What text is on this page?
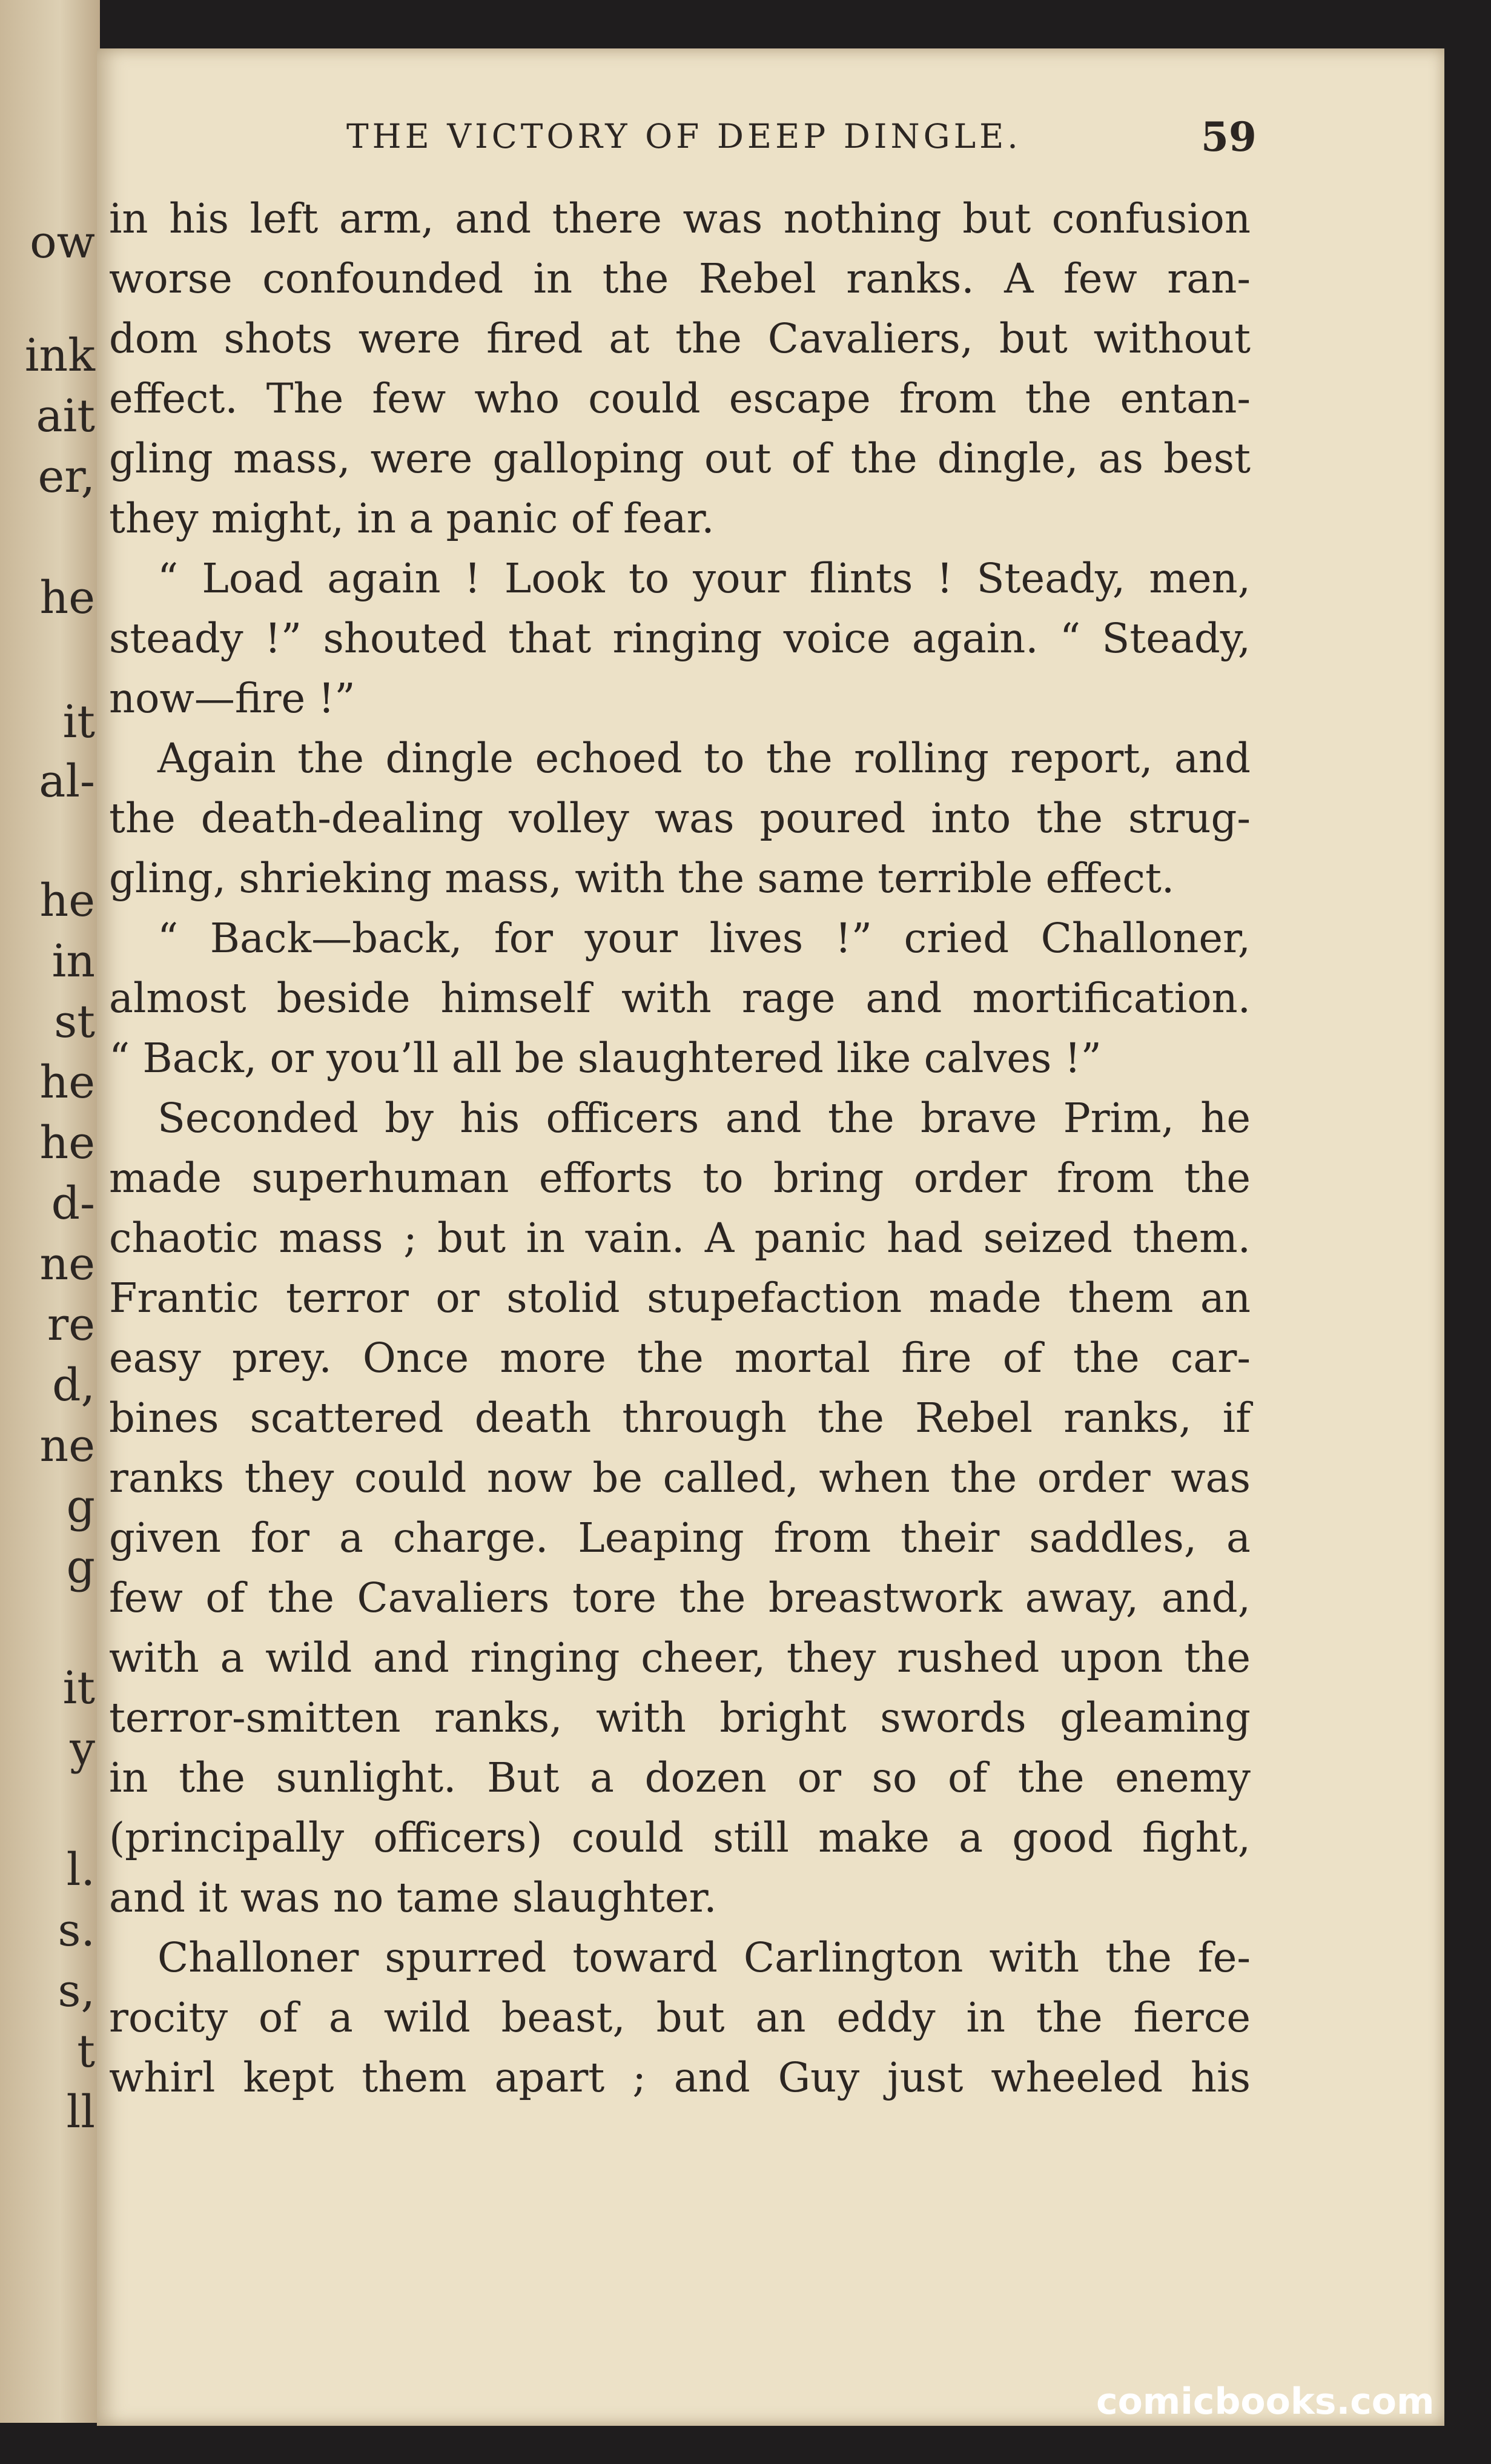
ow
ink
ait
er,
he
it
al-
he
in
st
he
he
d-
ne
re
d,
ne
g
g
it
y
l.
s.
s,
t
ll
THE VICTORY OF DEEP DINGLE.	59
in his left arm, and there was nothing but confusion
worse confounded in the Rebel ranks. A few ran-
dom shots were fired at the Cavaliers, but without
effect. The few who could escape from the entan-
gling mass, were galloping out of the dingle, as best
they might, in a panic of fear.
“ Load again ! Look to your flints ! Steady, men,
steady !” shouted that ringing voice again. “ Steady,
now—fire !”
Again the dingle echoed to the rolling report, and
the death-dealing volley was poured into the strug-
gling, shrieking mass, with the same terrible effect.
“ Back—back, for your lives !” cried Challoner,
almost beside himself with rage and mortification.
“ Back, or you’ll all be slaughtered like calves !”
Seconded by his officers and the brave Prim, he
made superhuman efforts to bring order from the
chaotic mass ; but in vain. A panic had seized them.
Frantic terror or stolid stupefaction made them an
easy prey. Once more the mortal fire of the car-
bines scattered death through the Rebel ranks, if
ranks they could now be called, when the order was
given for a charge. Leaping from their saddles, a
few of the Cavaliers tore the breastwork away, and,
with a wild and ringing cheer, they rushed upon the
terror-smitten ranks, with bright swords gleaming
in the sunlight. But a dozen or so of the enemy
(principally officers) could still make a good fight,
and it was no tame slaughter.
Challoner spurred toward Carlington with the fe-
rocity of a wild beast, but an eddy in the fierce
whirl kept them apart ; and Guy just wheeled his
comicbooks.com
